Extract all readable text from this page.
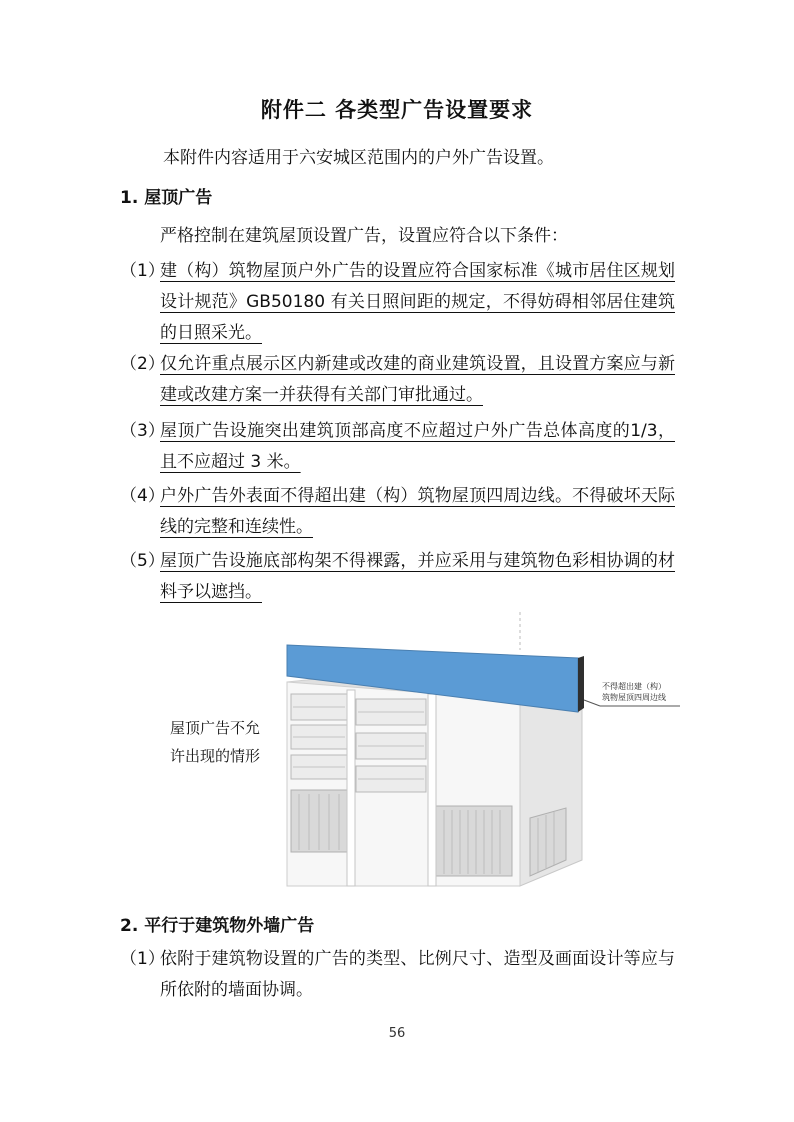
附件二 各类型广告设置要求
本附件内容适用于六安城区范围内的户外广告设置。
1. 屋顶广告
严格控制在建筑屋顶设置广告，设置应符合以下条件：
（1）
建（构）筑物屋顶户外广告的设置应符合国家标准《城市居住区规划设计规范》GB50180 有关日照间距的规定，不得妨碍相邻居住建筑的日照采光。
（2）
仅允许重点展示区内新建或改建的商业建筑设置，且设置方案应与新建或改建方案一并获得有关部门审批通过。
（3）
屋顶广告设施突出建筑顶部高度不应超过户外广告总体高度的1/3，且不应超过 3 米。
（4）
户外广告外表面不得超出建（构）筑物屋顶四周边线。不得破坏天际线的完整和连续性。
（5）
屋顶广告设施底部构架不得裸露，并应采用与建筑物色彩相协调的材料予以遮挡。
不得超出建（构）
筑物屋顶四周边线
屋顶广告不允许出现的情形
2. 平行于建筑物外墙广告
（1）
依附于建筑物设置的广告的类型、比例尺寸、造型及画面设计等应与所依附的墙面协调。
56
